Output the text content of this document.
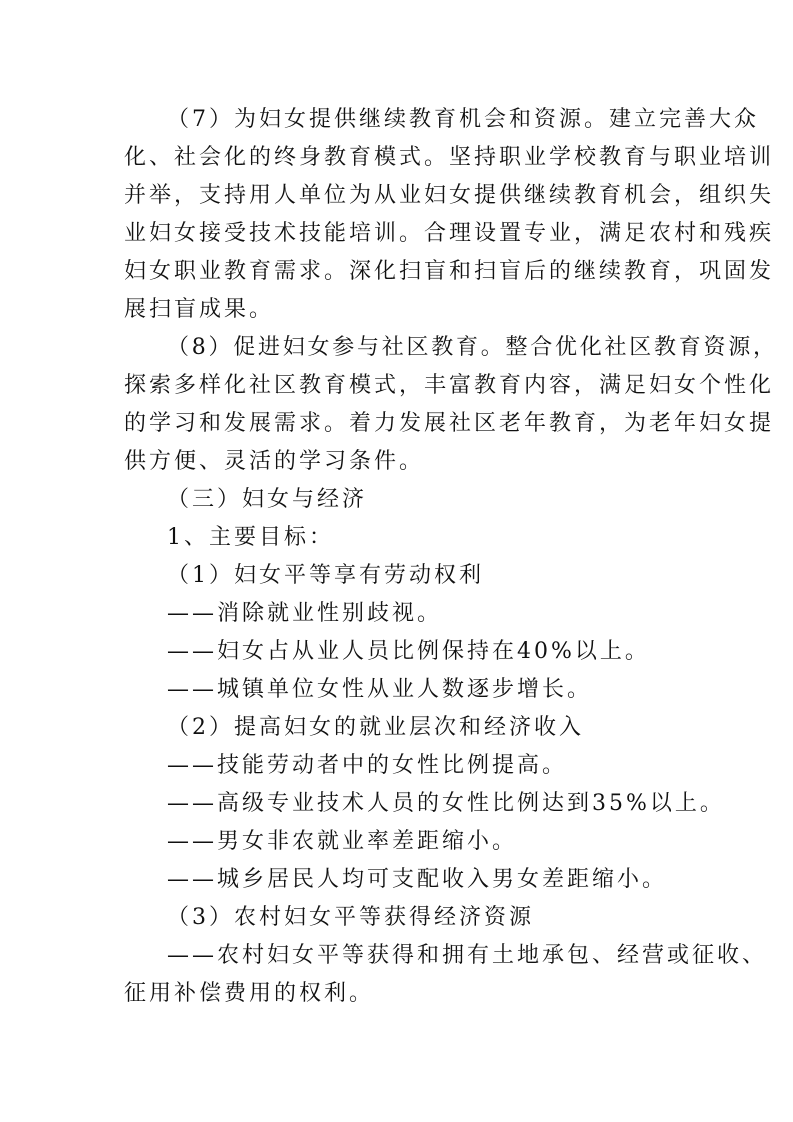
（7）为妇女提供继续教育机会和资源。建立完善大众
化、社会化的终身教育模式。坚持职业学校教育与职业培训
并举，支持用人单位为从业妇女提供继续教育机会，组织失
业妇女接受技术技能培训。合理设置专业，满足农村和残疾
妇女职业教育需求。深化扫盲和扫盲后的继续教育，巩固发
展扫盲成果。
（8）促进妇女参与社区教育。整合优化社区教育资源，
探索多样化社区教育模式，丰富教育内容，满足妇女个性化
的学习和发展需求。着力发展社区老年教育，为老年妇女提
供方便、灵活的学习条件。
（三）妇女与经济
1、主要目标：
（1）妇女平等享有劳动权利
——消除就业性别歧视。
——妇女占从业人员比例保持在40%以上。
——城镇单位女性从业人数逐步增长。
（2）提高妇女的就业层次和经济收入
——技能劳动者中的女性比例提高。
——高级专业技术人员的女性比例达到35%以上。
——男女非农就业率差距缩小。
——城乡居民人均可支配收入男女差距缩小。
（3）农村妇女平等获得经济资源
——农村妇女平等获得和拥有土地承包、经营或征收、
征用补偿费用的权利。
